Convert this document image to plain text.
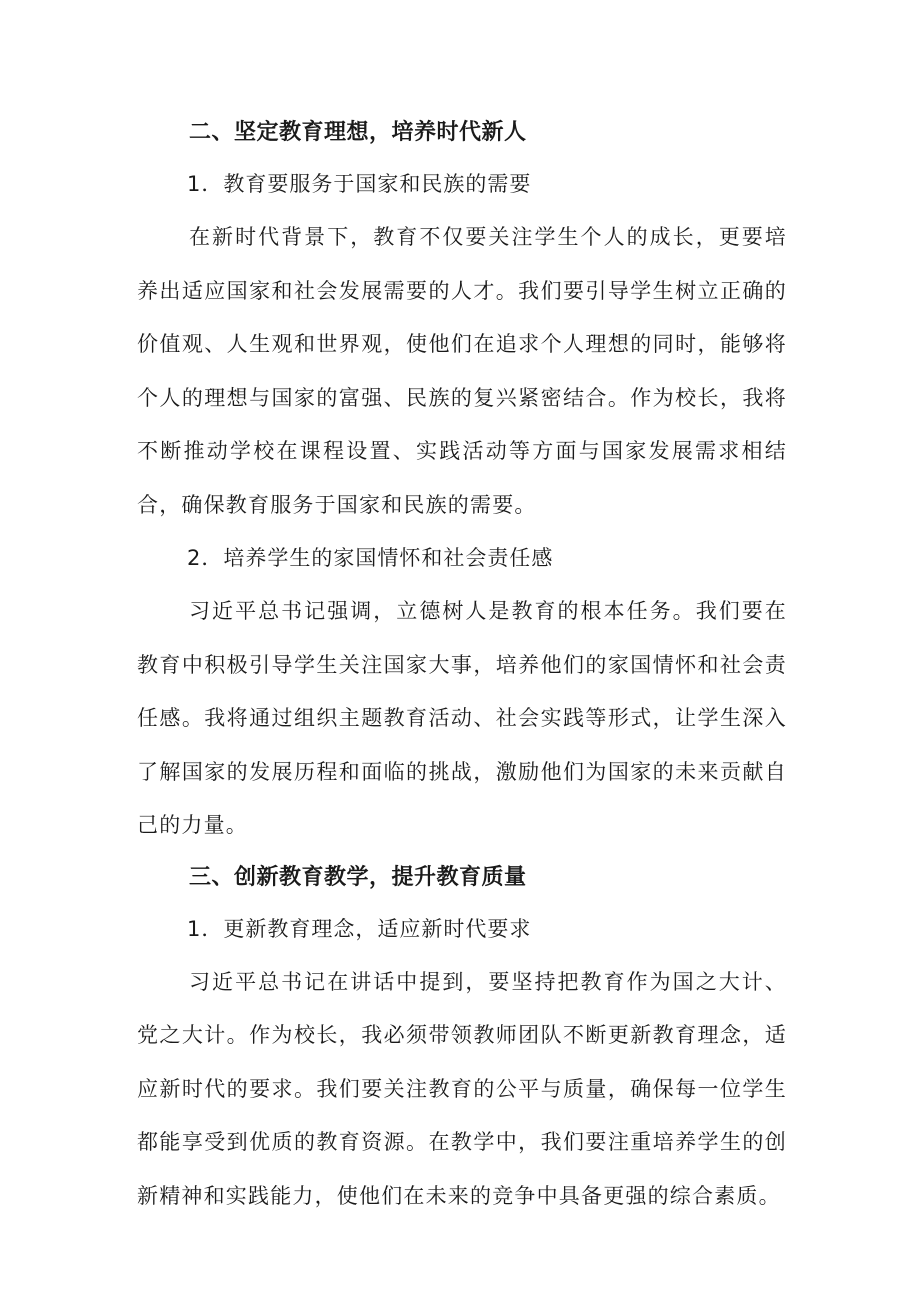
二、坚定教育理想，培养时代新人

1．教育要服务于国家和民族的需要

在新时代背景下，教育不仅要关注学生个人的成长，更要培养出适应国家和社会发展需要的人才。我们要引导学生树立正确的价值观、人生观和世界观，使他们在追求个人理想的同时，能够将个人的理想与国家的富强、民族的复兴紧密结合。作为校长，我将不断推动学校在课程设置、实践活动等方面与国家发展需求相结合，确保教育服务于国家和民族的需要。

2．培养学生的家国情怀和社会责任感

习近平总书记强调，立德树人是教育的根本任务。我们要在教育中积极引导学生关注国家大事，培养他们的家国情怀和社会责任感。我将通过组织主题教育活动、社会实践等形式，让学生深入了解国家的发展历程和面临的挑战，激励他们为国家的未来贡献自己的力量。

三、创新教育教学，提升教育质量

1．更新教育理念，适应新时代要求

习近平总书记在讲话中提到，要坚持把教育作为国之大计、党之大计。作为校长，我必须带领教师团队不断更新教育理念，适应新时代的要求。我们要关注教育的公平与质量，确保每一位学生都能享受到优质的教育资源。在教学中，我们要注重培养学生的创新精神和实践能力，使他们在未来的竞争中具备更强的综合素质。
